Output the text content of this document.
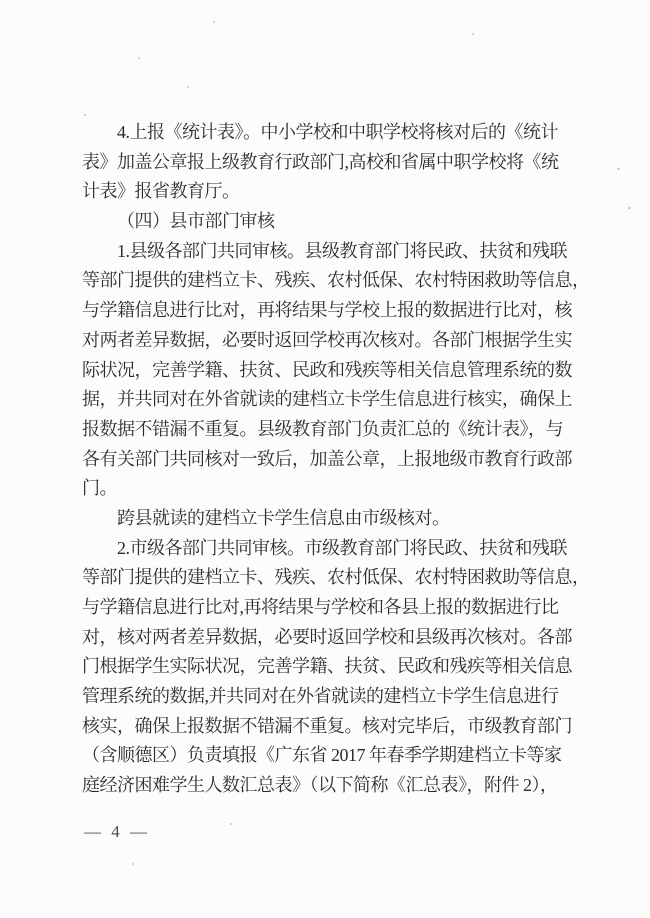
4.上报《统计表》。中小学校和中职学校将核对后的《统计
表》加盖公章报上级教育行政部门,高校和省属中职学校将《统
计表》报省教育厅。
（四）县市部门审核
1.县级各部门共同审核。县级教育部门将民政、扶贫和残联
等部门提供的建档立卡、残疾、农村低保、农村特困救助等信息，
与学籍信息进行比对，再将结果与学校上报的数据进行比对，核
对两者差异数据，必要时返回学校再次核对。各部门根据学生实
际状况，完善学籍、扶贫、民政和残疾等相关信息管理系统的数
据，并共同对在外省就读的建档立卡学生信息进行核实，确保上
报数据不错漏不重复。县级教育部门负责汇总的《统计表》，与
各有关部门共同核对一致后，加盖公章，上报地级市教育行政部
门。
跨县就读的建档立卡学生信息由市级核对。
2.市级各部门共同审核。市级教育部门将民政、扶贫和残联
等部门提供的建档立卡、残疾、农村低保、农村特困救助等信息，
与学籍信息进行比对,再将结果与学校和各县上报的数据进行比
对，核对两者差异数据，必要时返回学校和县级再次核对。各部
门根据学生实际状况，完善学籍、扶贫、民政和残疾等相关信息
管理系统的数据,并共同对在外省就读的建档立卡学生信息进行
核实，确保上报数据不错漏不重复。核对完毕后，市级教育部门
（含顺德区）负责填报《广东省 2017 年春季学期建档立卡等家
庭经济困难学生人数汇总表》（以下简称《汇总表》，附件 2），
— 4 —
